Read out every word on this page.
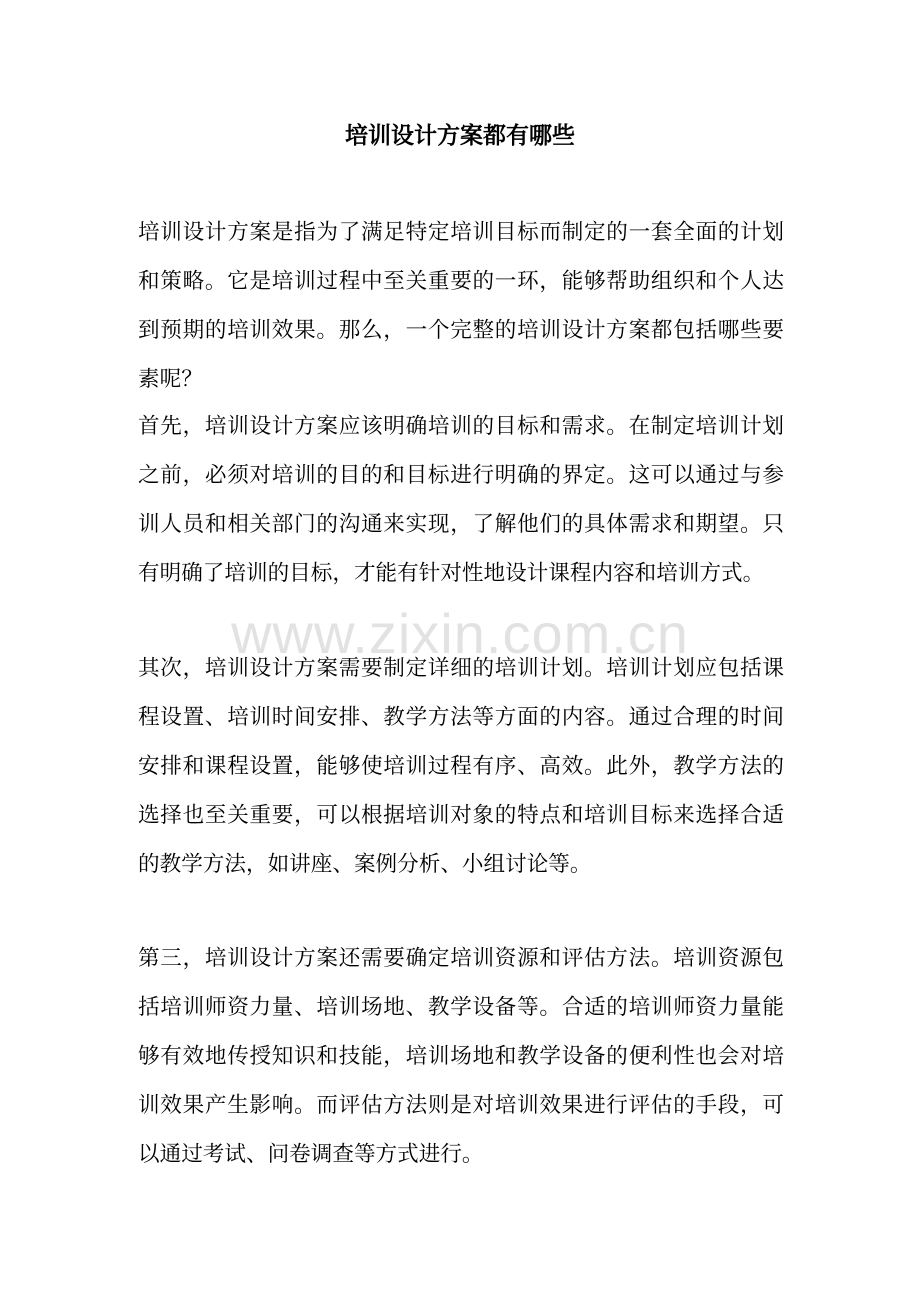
培训设计方案都有哪些

培训设计方案是指为了满足特定培训目标而制定的一套全面的计划和策略。它是培训过程中至关重要的一环，能够帮助组织和个人达到预期的培训效果。那么，一个完整的培训设计方案都包括哪些要素呢？

首先，培训设计方案应该明确培训的目标和需求。在制定培训计划之前，必须对培训的目的和目标进行明确的界定。这可以通过与参训人员和相关部门的沟通来实现，了解他们的具体需求和期望。只有明确了培训的目标，才能有针对性地设计课程内容和培训方式。

www.zixin.com.cn

其次，培训设计方案需要制定详细的培训计划。培训计划应包括课程设置、培训时间安排、教学方法等方面的内容。通过合理的时间安排和课程设置，能够使培训过程有序、高效。此外，教学方法的选择也至关重要，可以根据培训对象的特点和培训目标来选择合适的教学方法，如讲座、案例分析、小组讨论等。

第三，培训设计方案还需要确定培训资源和评估方法。培训资源包括培训师资力量、培训场地、教学设备等。合适的培训师资力量能够有效地传授知识和技能，培训场地和教学设备的便利性也会对培训效果产生影响。而评估方法则是对培训效果进行评估的手段，可以通过考试、问卷调查等方式进行。
